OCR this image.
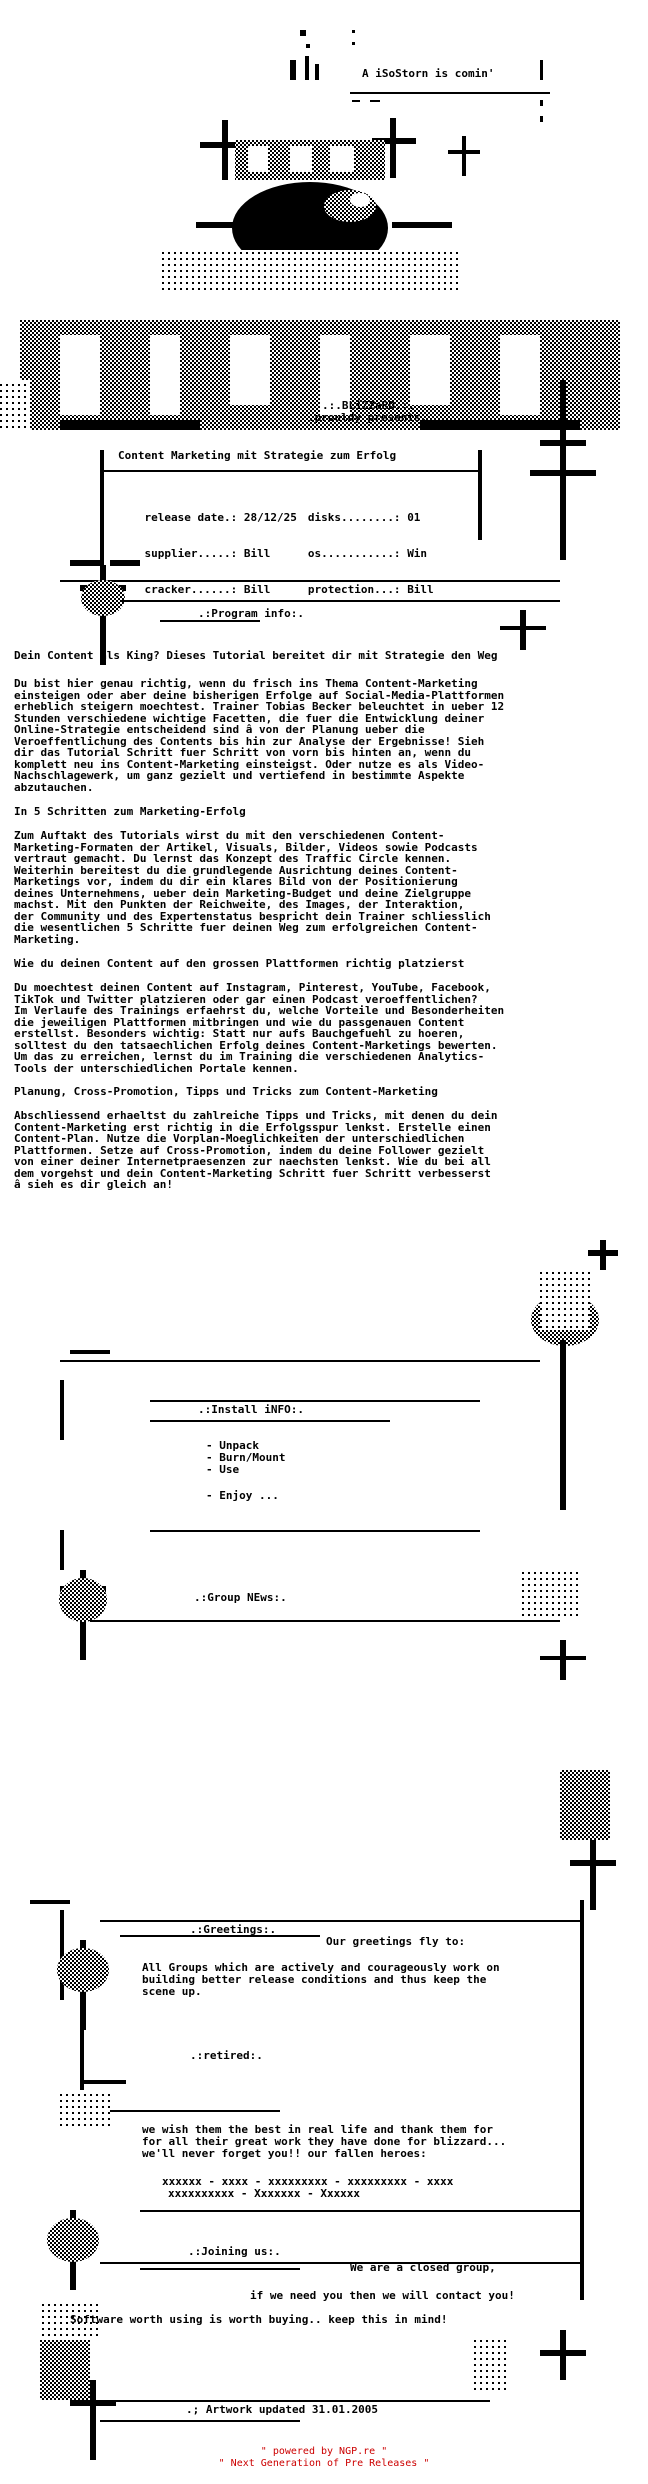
A iSoStorn is comin'
.:.BLiZZaRD.:.
.prouldy presents.
Content Marketing mit Strategie zum Erfolg

release date.: 28/12/25 disks........: 01

supplier.....: Bill	os...........: Win

cracker......: Bill	protection...: Bill

.:Program info:.
Dein Content als King? Dieses Tutorial bereitet dir mit Strategie den Weg
Du bist hier genau richtig, wenn du frisch ins Thema Content-Marketing
einsteigen oder aber deine bisherigen Erfolge auf Social-Media-Plattformen
erheblich steigern moechtest. Trainer Tobias Becker beleuchtet in ueber 12
Stunden verschiedene wichtige Facetten, die fuer die Entwicklung deiner
Online-Strategie entscheidend sind â von der Planung ueber die
Veroeffentlichung des Contents bis hin zur Analyse der Ergebnisse! Sieh
dir das Tutorial Schritt fuer Schritt von vorn bis hinten an, wenn du
komplett neu ins Content-Marketing einsteigst. Oder nutze es als Video-
Nachschlagewerk, um ganz gezielt und vertiefend in bestimmte Aspekte
abzutauchen.
In 5 Schritten zum Marketing-Erfolg
Zum Auftakt des Tutorials wirst du mit den verschiedenen Content-
Marketing-Formaten der Artikel, Visuals, Bilder, Videos sowie Podcasts
vertraut gemacht. Du lernst das Konzept des Traffic Circle kennen.
Weiterhin bereitest du die grundlegende Ausrichtung deines Content-
Marketings vor, indem du dir ein klares Bild von der Positionierung
deines Unternehmens, ueber dein Marketing-Budget und deine Zielgruppe
machst. Mit den Punkten der Reichweite, des Images, der Interaktion,
der Community und des Expertenstatus bespricht dein Trainer schliesslich
die wesentlichen 5 Schritte fuer deinen Weg zum erfolgreichen Content-
Marketing.
Wie du deinen Content auf den grossen Plattformen richtig platzierst
Du moechtest deinen Content auf Instagram, Pinterest, YouTube, Facebook,
TikTok und Twitter platzieren oder gar einen Podcast veroeffentlichen?
Im Verlaufe des Trainings erfaehrst du, welche Vorteile und Besonderheiten
die jeweiligen Plattformen mitbringen und wie du passgenauen Content
erstellst. Besonders wichtig: Statt nur aufs Bauchgefuehl zu hoeren,
solltest du den tatsaechlichen Erfolg deines Content-Marketings bewerten.
Um das zu erreichen, lernst du im Training die verschiedenen Analytics-
Tools der unterschiedlichen Portale kennen.
Planung, Cross-Promotion, Tipps und Tricks zum Content-Marketing
Abschliessend erhaeltst du zahlreiche Tipps und Tricks, mit denen du dein
Content-Marketing erst richtig in die Erfolgsspur lenkst. Erstelle einen
Content-Plan. Nutze die Vorplan-Moeglichkeiten der unterschiedlichen
Plattformen. Setze auf Cross-Promotion, indem du deine Follower gezielt
von einer deiner Internetpraesenzen zur naechsten lenkst. Wie du bei all
dem vorgehst und dein Content-Marketing Schritt fuer Schritt verbesserst
â sieh es dir gleich an!
.:Install iNFO:.
- Unpack
- Burn/Mount
- Use
- Enjoy ...
.:Group NEws:.
.:Greetings:.
Our greetings fly to:
All Groups which are actively and courageously work on
building better release conditions and thus keep the
scene up.
.:retired:.
we wish them the best in real life and thank them for
for all their great work they have done for blizzard...
we'll never forget you!! our fallen heroes:
xxxxxx - xxxx - xxxxxxxxx - xxxxxxxxx - xxxx
xxxxxxxxxx - Xxxxxxx - Xxxxxx
.:Joining us:.
We are a closed group,
if we need you then we will contact you!
Software worth using is worth buying.. keep this in mind!
.; Artwork updated 31.01.2005
" powered by NGP.re "
" Next Generation of Pre Releases "
